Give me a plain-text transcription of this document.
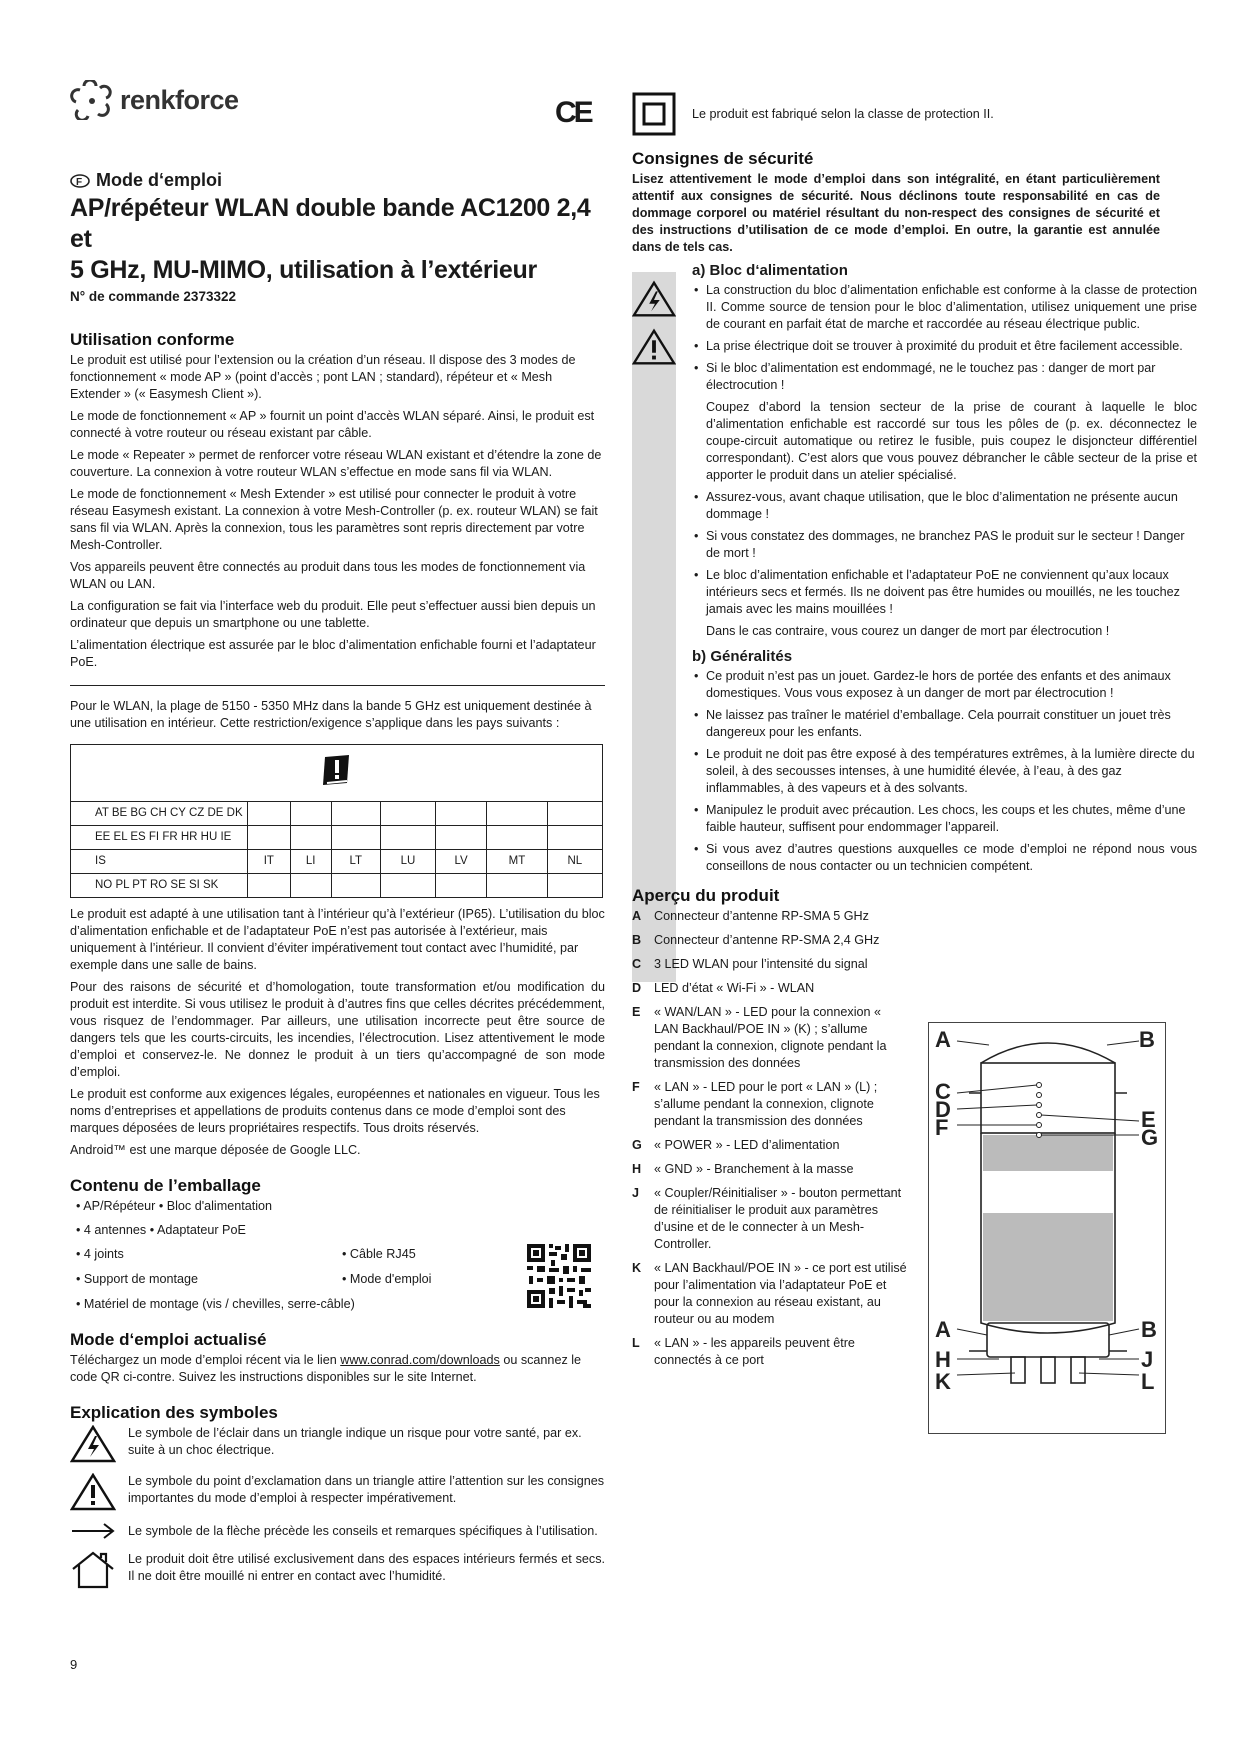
renkforce
F Mode d‘emploi
AP/répéteur WLAN double bande AC1200 2,4 et
5 GHz, MU-MIMO, utilisation à l’extérieur
N° de commande 2373322
Utilisation conforme

Le produit est utilisé pour l’extension ou la création d’un réseau. Il dispose des 3 modes de fonctionnement « mode AP » (point d’accès ; pont LAN ; standard), répéteur et « Mesh Extender » (« Easymesh Client »).

Le mode de fonctionnement « AP » fournit un point d’accès WLAN séparé. Ainsi, le produit est connecté à votre routeur ou réseau existant par câble.

Le mode « Repeater » permet de renforcer votre réseau WLAN existant et d’étendre la zone de couverture. La connexion à votre routeur WLAN s’effectue en mode sans fil via WLAN.

Le mode de fonctionnement « Mesh Extender » est utilisé pour connecter le produit à votre réseau Easymesh existant. La connexion à votre Mesh-Controller (p. ex. routeur WLAN) se fait sans fil via WLAN. Après la connexion, tous les paramètres sont repris directement par votre Mesh-Controller.

Vos appareils peuvent être connectés au produit dans tous les modes de fonctionnement via WLAN ou LAN.

La configuration se fait via l’interface web du produit. Elle peut s’effectuer aussi bien depuis un ordinateur que depuis un smartphone ou une tablette.

L’alimentation électrique est assurée par le bloc d’alimentation enfichable fourni et l’adaptateur PoE.

Pour le WLAN, la plage de 5150 - 5350 MHz dans la bande 5 GHz est uniquement destinée à une utilisation en intérieur. Cette restriction/exigence s’applique dans les pays suivants :

AT BE BG CH CY CZ DE DK							
EE EL ES FI FR HR HU IE							
IS	IT	LI	LT	LU	LV	MT	NL
NO PL PT RO SE SI SK							

Le produit est adapté à une utilisation tant à l’intérieur qu’à l’extérieur (IP65). L’utilisation du bloc d’alimentation enfichable et de l’adaptateur PoE n’est pas autorisée à l’extérieur, mais uniquement à l’intérieur. Il convient d’éviter impérativement tout contact avec l’humidité, par exemple dans une salle de bains.

Pour des raisons de sécurité et d’homologation, toute transformation et/ou modification du produit est interdite. Si vous utilisez le produit à d’autres fins que celles décrites précédemment, vous risquez de l’endommager. Par ailleurs, une utilisation incorrecte peut être source de dangers tels que les courts-circuits, les incendies, l’électrocution. Lisez attentivement le mode d’emploi et conservez-le. Ne donnez le produit à un tiers qu’accompagné de son mode d’emploi.

Le produit est conforme aux exigences légales, européennes et nationales en vigueur. Tous les noms d’entreprises et appellations de produits contenus dans ce mode d’emploi sont des marques déposées de leurs propriétaires respectifs. Tous droits réservés.

Android™ est une marque déposée de Google LLC.

Contenu de l’emballage
• AP/Répéteur • Bloc d'alimentation
• 4 antennes • Adaptateur PoE
• 4 joints	• Câble RJ45
• Support de montage	• Mode d'emploi
• Matériel de montage (vis / chevilles, serre-câble)
Mode d‘emploi actualisé

Téléchargez un mode d’emploi récent via le lien www.conrad.com/downloads ou scannez le code QR ci-contre. Suivez les instructions disponibles sur le site Internet.

Explication des symboles
Le symbole de l’éclair dans un triangle indique un risque pour votre santé, par ex. suite à un choc électrique.
Le symbole du point d’exclamation dans un triangle attire l’attention sur les consignes importantes du mode d’emploi à respecter impérativement.
Le symbole de la flèche précède les conseils et remarques spécifiques à l’utilisation.
Le produit doit être utilisé exclusivement dans des espaces intérieurs fermés et secs. Il ne doit être mouillé ni entrer en contact avec l’humidité.
CE	Le produit est fabriqué selon la classe de protection II.
Consignes de sécurité

Lisez attentivement le mode d’emploi dans son intégralité, en étant particulièrement attentif aux consignes de sécurité. Nous déclinons toute responsabilité en cas de dommage corporel ou matériel résultant du non-respect des consignes de sécurité et des instructions d’utilisation de ce mode d’emploi. En outre, la garantie est annulée dans de tels cas.

a) Bloc d‘alimentation
• La construction du bloc d’alimentation enfichable est conforme à la classe de protection II. Comme source de tension pour le bloc d’alimentation, utilisez uniquement une prise de courant en parfait état de marche et raccordée au réseau électrique public.
• La prise électrique doit se trouver à proximité du produit et être facilement accessible.
• Si le bloc d’alimentation est endommagé, ne le touchez pas : danger de mort par électrocution !
Coupez d’abord la tension secteur de la prise de courant à laquelle le bloc d’alimentation enfichable est raccordé sur tous les pôles de (p. ex. déconnectez le coupe-circuit automatique ou retirez le fusible, puis coupez le disjoncteur différentiel correspondant). C’est alors que vous pouvez débrancher le câble secteur de la prise et apporter le produit dans un atelier spécialisé.
• Assurez-vous, avant chaque utilisation, que le bloc d’alimentation ne présente aucun dommage !
• Si vous constatez des dommages, ne branchez PAS le produit sur le secteur ! Danger de mort !
• Le bloc d’alimentation enfichable et l’adaptateur PoE ne conviennent qu’aux locaux intérieurs secs et fermés. Ils ne doivent pas être humides ou mouillés, ne les touchez jamais avec les mains mouillées !
Dans le cas contraire, vous courez un danger de mort par électrocution !
b) Généralités
• Ce produit n’est pas un jouet. Gardez-le hors de portée des enfants et des animaux domestiques. Vous vous exposez à un danger de mort par électrocution !
• Ne laissez pas traîner le matériel d’emballage. Cela pourrait constituer un jouet très dangereux pour les enfants.
• Le produit ne doit pas être exposé à des températures extrêmes, à la lumière directe du soleil, à des secousses intenses, à une humidité élevée, à l’eau, à des gaz inflammables, à des vapeurs et à des solvants.
• Manipulez le produit avec précaution. Les chocs, les coups et les chutes, même d’une faible hauteur, suffisent pour endommager l’appareil.
• Si vous avez d’autres questions auxquelles ce mode d’emploi ne répond nous vous conseillons de nous contacter ou un technicien compétent.
Aperçu du produit
A Connecteur d’antenne RP-SMA 5 GHz
B Connecteur d’antenne RP-SMA 2,4 GHz
C 3 LED WLAN pour l’intensité du signal
D LED d’état « Wi-Fi » - WLAN
E « WAN/LAN » - LED pour la connexion « LAN Backhaul/POE IN » (K) ; s’allume pendant la connexion, clignote pendant la transmission des données
F	« LAN » - LED pour le port « LAN » (L) ; s’allume pendant la connexion, clignote pendant la transmission des données
G « POWER » - LED d’alimentation
H « GND » - Branchement à la masse
J	« Coupler/Réinitialiser » - bouton permettant de réinitialiser le produit aux paramètres d’usine et de le connecter à un Mesh-Controller.
K « LAN Backhaul/POE IN » - ce port est utilisé pour l’alimentation via l’adaptateur PoE et pour la connexion au réseau existant, au routeur ou au modem
L	« LAN » - les appareils peuvent être connectés à ce port
A	B
C
D
F	E
G
A	B
H
K
J
L
9
